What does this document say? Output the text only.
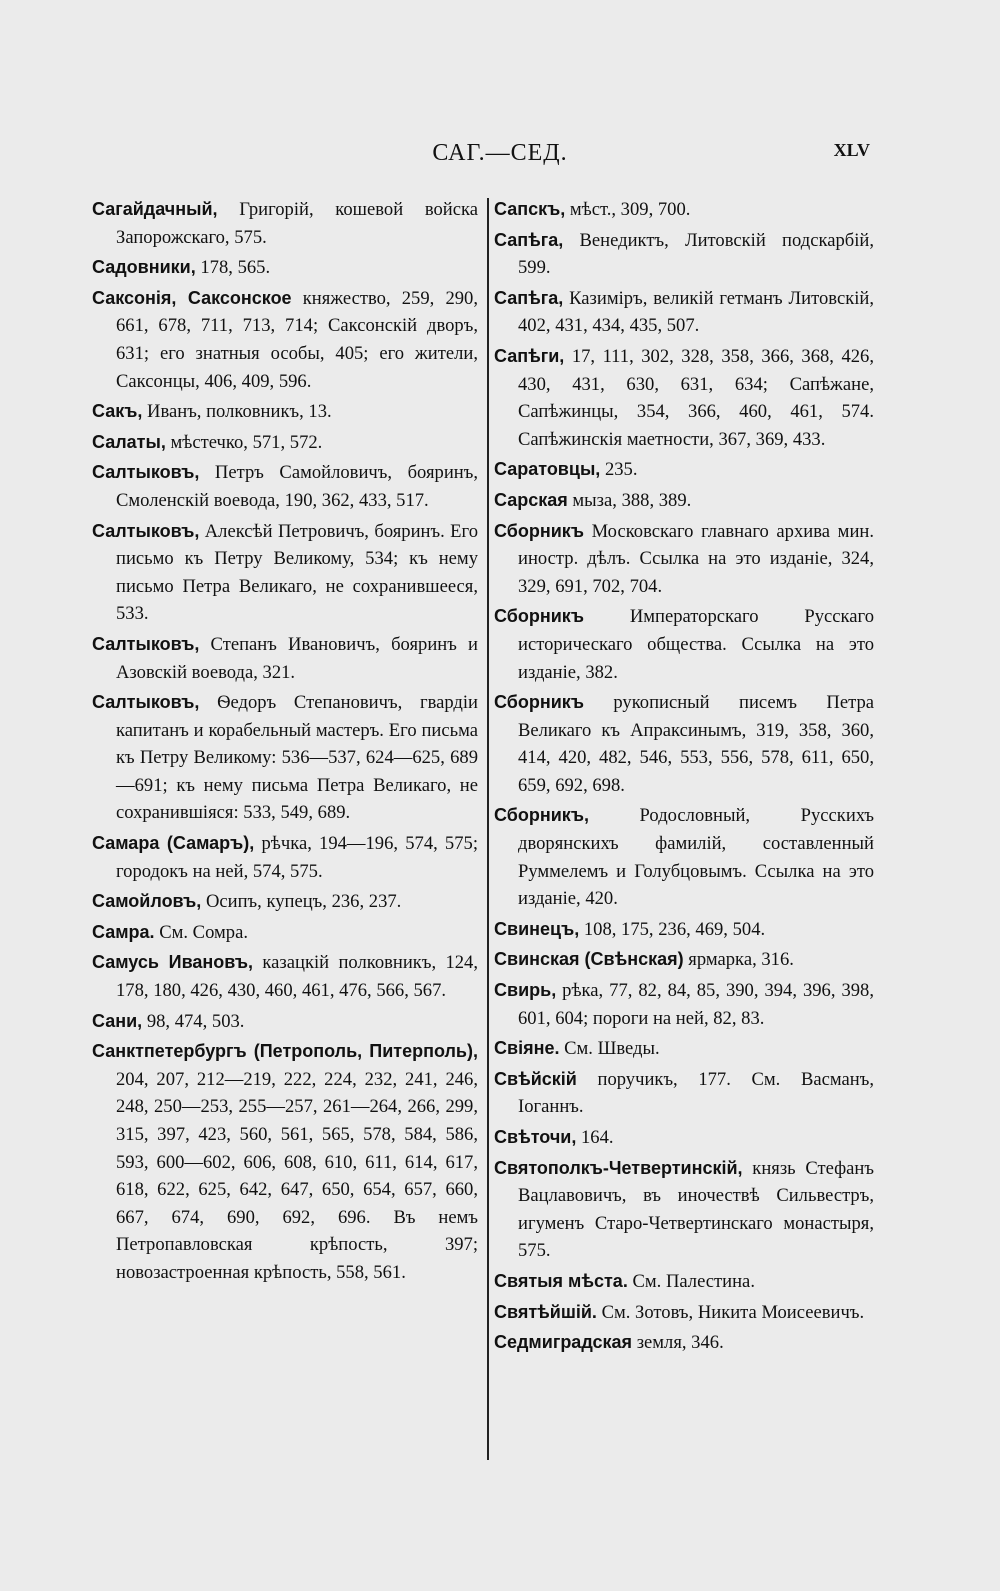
САГ.—СЕД.	XLV

Сагайдачный, Григорій, кошевой войска Запорожскаго, 575.

Садовники, 178, 565.

Саксонія, Саксонское княжество, 259, 290, 661, 678, 711, 713, 714; Саксонскій дворъ, 631; его знатныя особы, 405; его жители, Саксонцы, 406, 409, 596.

Сакъ, Иванъ, полковникъ, 13.

Салаты, мѣстечко, 571, 572.

Салтыковъ, Петръ Самойловичъ, бояринъ, Смоленскій воевода, 190, 362, 433, 517.

Салтыковъ, Алексѣй Петровичъ, бояринъ. Его письмо къ Петру Великому, 534; къ нему письмо Петра Великаго, не сохранившееся, 533.

Салтыковъ, Степанъ Ивановичъ, бояринъ и Азовскій воевода, 321.

Салтыковъ, Ѳедоръ Степановичъ, гвардіи капитанъ и корабельный мастеръ. Его письма къ Петру Великому: 536—537, 624—625, 689—691; къ нему письма Петра Великаго, не сохранившіяся: 533, 549, 689.

Самара (Самаръ), рѣчка, 194—196, 574, 575; городокъ на ней, 574, 575.

Самойловъ, Осипъ, купецъ, 236, 237.

Самра. См. Сомра.

Самусь Ивановъ, казацкій полковникъ, 124, 178, 180, 426, 430, 460, 461, 476, 566, 567.

Сани, 98, 474, 503.

Санктпетербургъ (Петрополь, Питерполь), 204, 207, 212—219, 222, 224, 232, 241, 246, 248, 250—253, 255—257, 261—264, 266, 299, 315, 397, 423, 560, 561, 565, 578, 584, 586, 593, 600—602, 606, 608, 610, 611, 614, 617, 618, 622, 625, 642, 647, 650, 654, 657, 660, 667, 674, 690, 692, 696. Въ немъ Петропавловская крѣпость, 397; новозастроенная крѣпость, 558, 561.

Сапскъ, мѣст., 309, 700.

Сапѣга, Венедиктъ, Литовскій подскарбій, 599.

Сапѣга, Казиміръ, великій гетманъ Литовскій, 402, 431, 434, 435, 507.

Сапѣги, 17, 111, 302, 328, 358, 366, 368, 426, 430, 431, 630, 631, 634; Сапѣжане, Сапѣжинцы, 354, 366, 460, 461, 574. Сапѣжинскія маетности, 367, 369, 433.

Саратовцы, 235.

Сарская мыза, 388, 389.

Сборникъ Московскаго главнаго архива мин. иностр. дѣлъ. Ссылка на это изданіе, 324, 329, 691, 702, 704.

Сборникъ Императорскаго Русскаго историческаго общества. Ссылка на это изданіе, 382.

Сборникъ рукописный писемъ Петра Великаго къ Апраксинымъ, 319, 358, 360, 414, 420, 482, 546, 553, 556, 578, 611, 650, 659, 692, 698.

Сборникъ, Родословный, Русскихъ дворянскихъ фамилій, составленный Руммелемъ и Голубцовымъ. Ссылка на это изданіе, 420.

Свинецъ, 108, 175, 236, 469, 504.

Свинская (Свѣнская) ярмарка, 316.

Свирь, рѣка, 77, 82, 84, 85, 390, 394, 396, 398, 601, 604; пороги на ней, 82, 83.

Свіяне. См. Шведы.

Свѣйскій поручикъ, 177. См. Васманъ, Іоганнъ.

Свѣточи, 164.

Святополкъ-Четвертинскій, князь Стефанъ Вацлавовичъ, въ иночествѣ Сильвестръ, игуменъ Старо-Четвертинскаго монастыря, 575.

Святыя мѣста. См. Палестина.

Святѣйшій. См. Зотовъ, Никита Моисеевичъ.

Седмиградская земля, 346.
